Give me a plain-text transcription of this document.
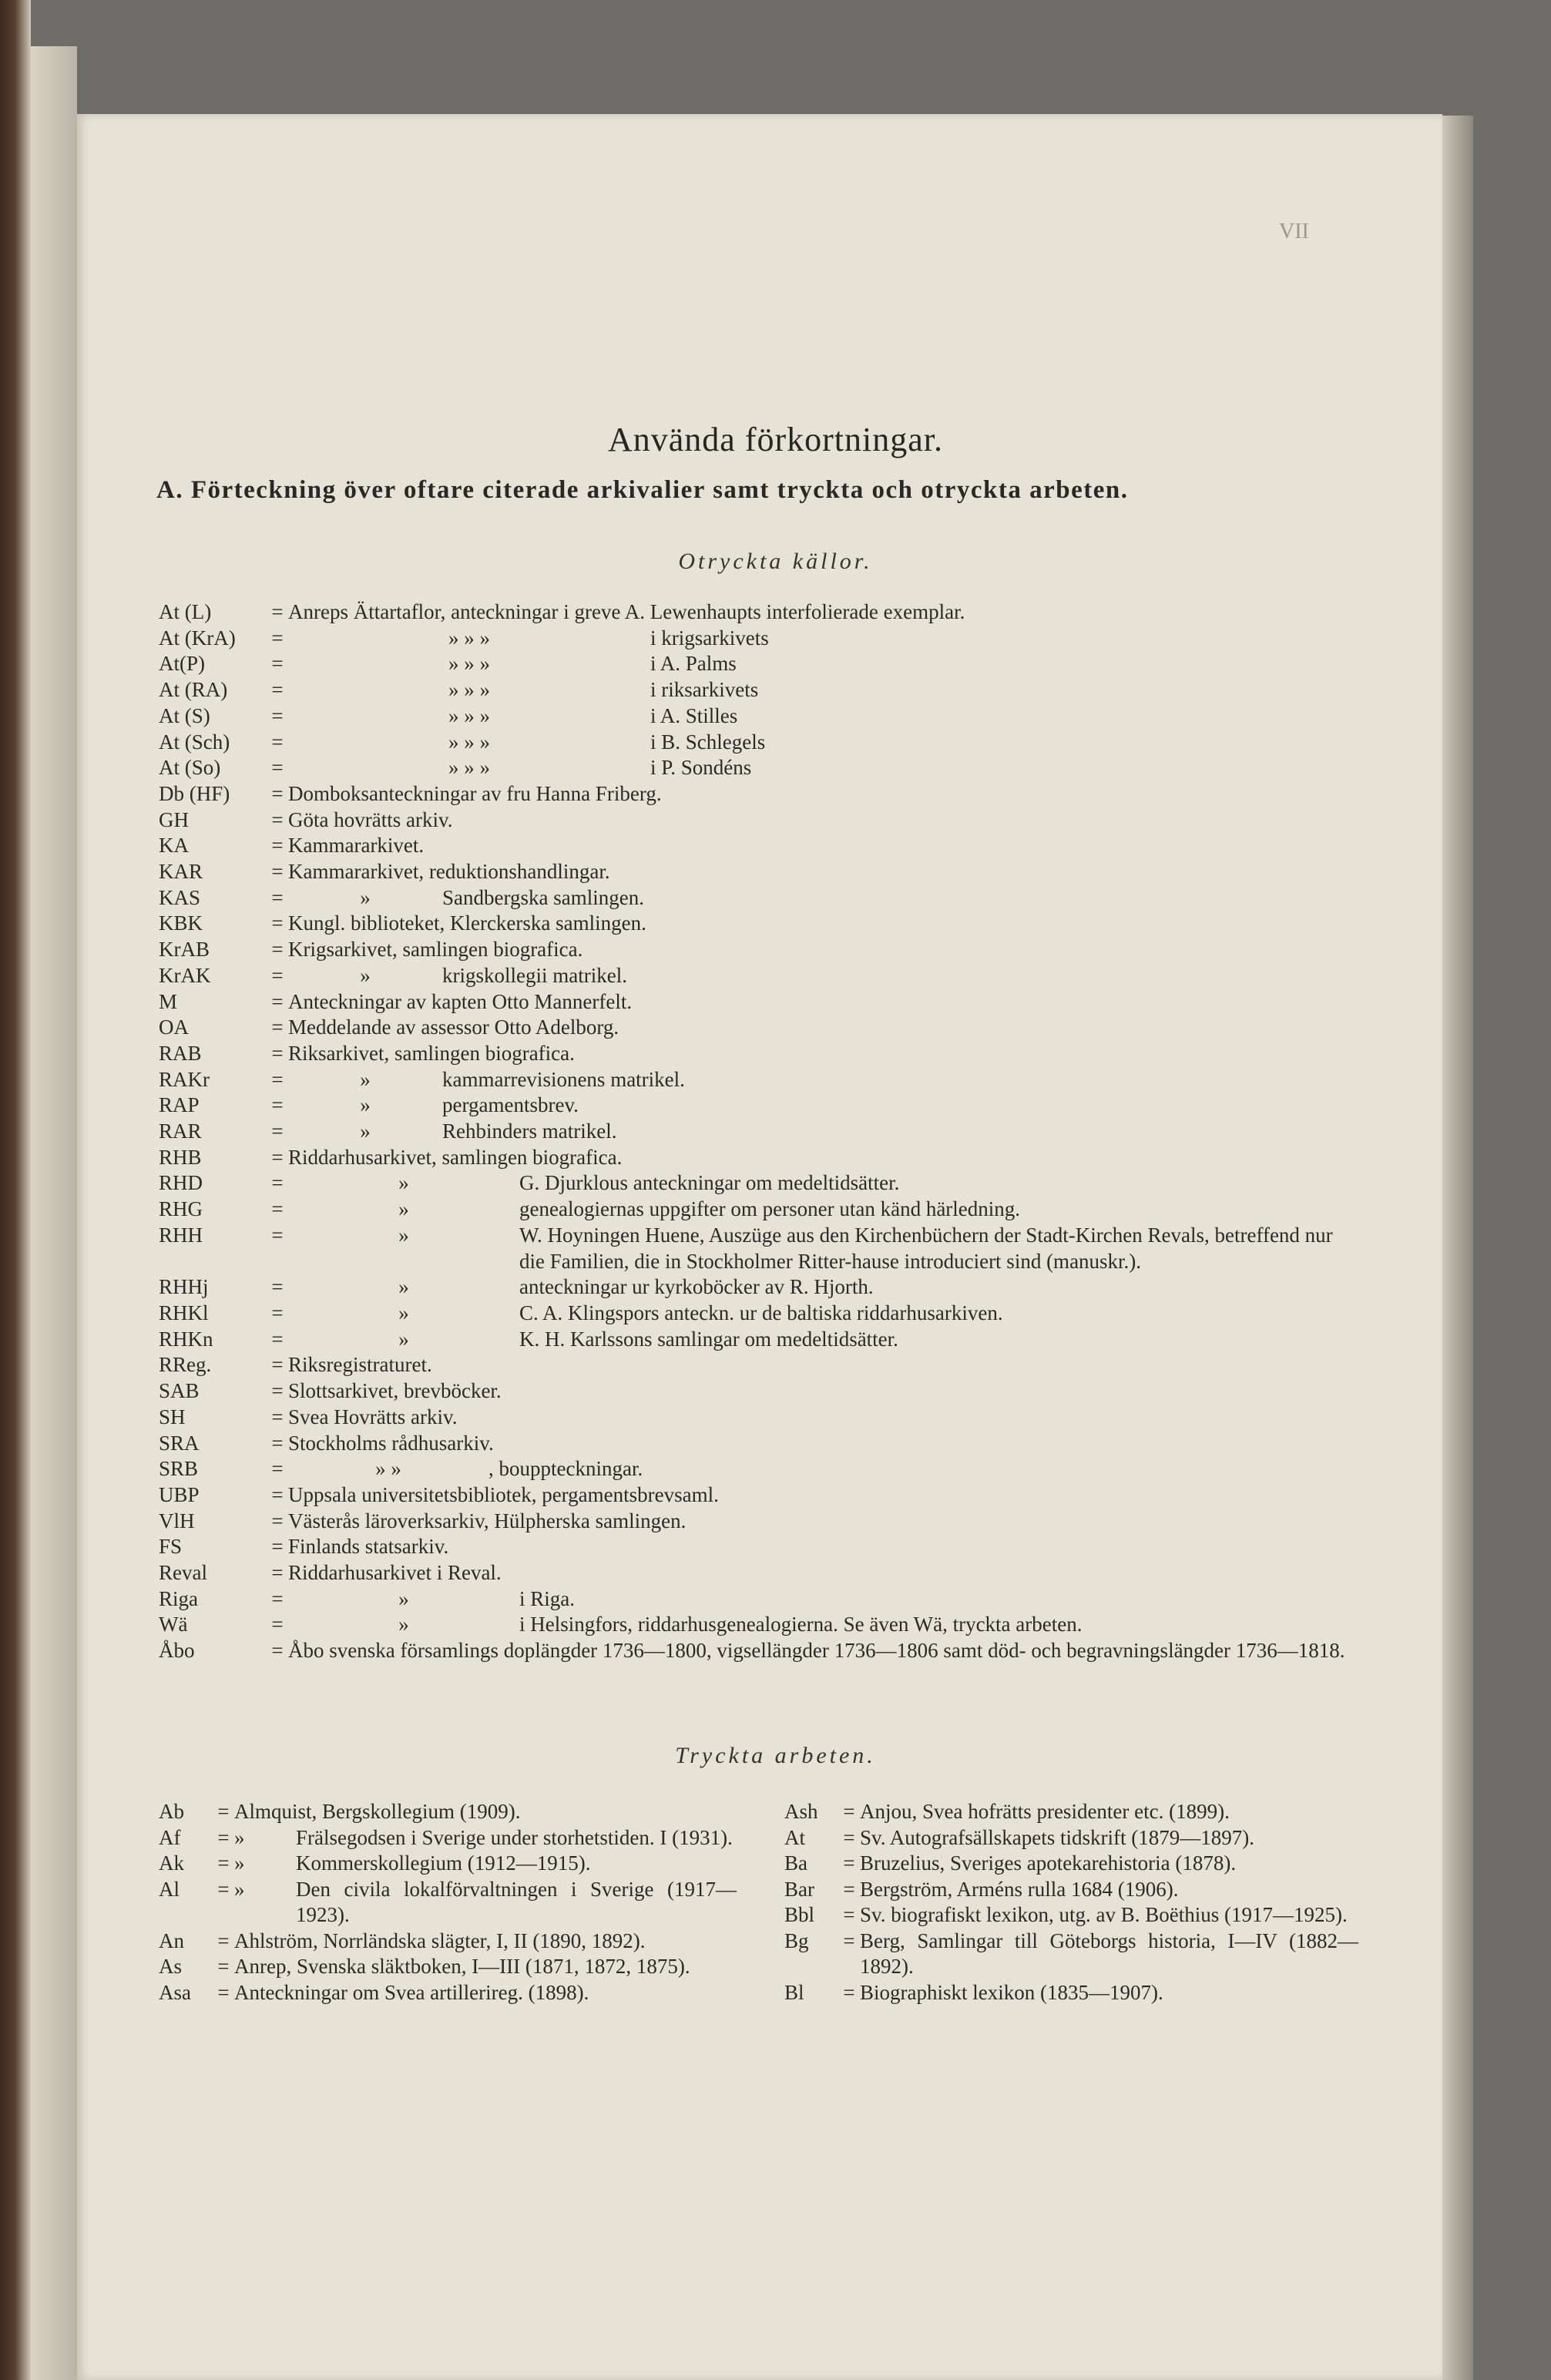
VII
Använda förkortningar.
A. Förteckning över oftare citerade arkivalier samt tryckta och otryckta arbeten.
Otryckta källor.
At (L)	= Anreps Ättartaflor, anteckningar i greve A. Lewenhaupts interfolierade exemplar.
At (KrA)	=	» » »	i krigsarkivets
At(P)	=	» » »	i A. Palms
At (RA)	=	» » »	i riksarkivets
At (S)	=	» » »	i A. Stilles
At (Sch)	=	» » »	i B. Schlegels
At (So)	=	» » »	i P. Sondéns
Db (HF)	= Domboksanteckningar av fru Hanna Friberg.
GH	= Göta hovrätts arkiv.
KA	= Kammararkivet.
KAR	= Kammararkivet, reduktionshandlingar.
KAS	=	»	Sandbergska samlingen.
KBK	= Kungl. biblioteket, Klerckerska samlingen.
KrAB	= Krigsarkivet, samlingen biografica.
KrAK	=	»	krigskollegii matrikel.
M	= Anteckningar av kapten Otto Mannerfelt.
OA	= Meddelande av assessor Otto Adelborg.
RAB	= Riksarkivet, samlingen biografica.
RAKr	=	»	kammarrevisionens matrikel.
RAP	=	»	pergamentsbrev.
RAR	=	»	Rehbinders matrikel.
RHB	= Riddarhusarkivet, samlingen biografica.
RHD	=	»	G. Djurklous anteckningar om medeltidsätter.
RHG	=	»	genealogiernas uppgifter om personer utan känd härledning.
RHH	=	»	W. Hoyningen Huene, Auszüge aus den Kirchenbüchern der Stadt-Kirchen Revals, betreffend nur die Familien, die in Stockholmer Ritter-hause introduciert sind (manuskr.).
RHHj	=	»	anteckningar ur kyrkoböcker av R. Hjorth.
RHKl	=	»	C. A. Klingspors anteckn. ur de baltiska riddarhusarkiven.
RHKn	=	»	K. H. Karlssons samlingar om medeltidsätter.
RReg.	= Riksregistraturet.
SAB	= Slottsarkivet, brevböcker.
SH	= Svea Hovrätts arkiv.
SRA	= Stockholms rådhusarkiv.
SRB	=	» »	, bouppteckningar.
UBP	= Uppsala universitetsbibliotek, pergamentsbrevsaml.
VlH	= Västerås läroverksarkiv, Hülpherska samlingen.
FS	= Finlands statsarkiv.
Reval	= Riddarhusarkivet i Reval.
Riga	=	»	i Riga.
Wä	=	»	i Helsingfors, riddarhusgenealogierna. Se även Wä, tryckta arbeten.
Åbo	= Åbo svenska församlings doplängder 1736—1800, vigsellängder 1736—1806 samt död- och begravningslängder 1736—1818.
Tryckta arbeten.
Ab	= Almquist, Bergskollegium (1909).
Af	= »	Frälsegodsen i Sverige under storhetstiden. I (1931).
Ak	= »	Kommerskollegium (1912—1915).
Al	= »	Den civila lokalförvaltningen i Sverige (1917—1923).
An	= Ahlström, Norrländska slägter, I, II (1890, 1892).
As	= Anrep, Svenska släktboken, I—III (1871, 1872, 1875).
Asa	= Anteckningar om Svea artillerireg. (1898).
Ash	= Anjou, Svea hofrätts presidenter etc. (1899).
At	= Sv. Autografsällskapets tidskrift (1879—1897).
Ba	= Bruzelius, Sveriges apotekarehistoria (1878).
Bar	= Bergström, Arméns rulla 1684 (1906).
Bbl	= Sv. biografiskt lexikon, utg. av B. Boëthius (1917—1925).
Bg	= Berg, Samlingar till Göteborgs historia, I—IV (1882—1892).
Bl	= Biographiskt lexikon (1835—1907).
